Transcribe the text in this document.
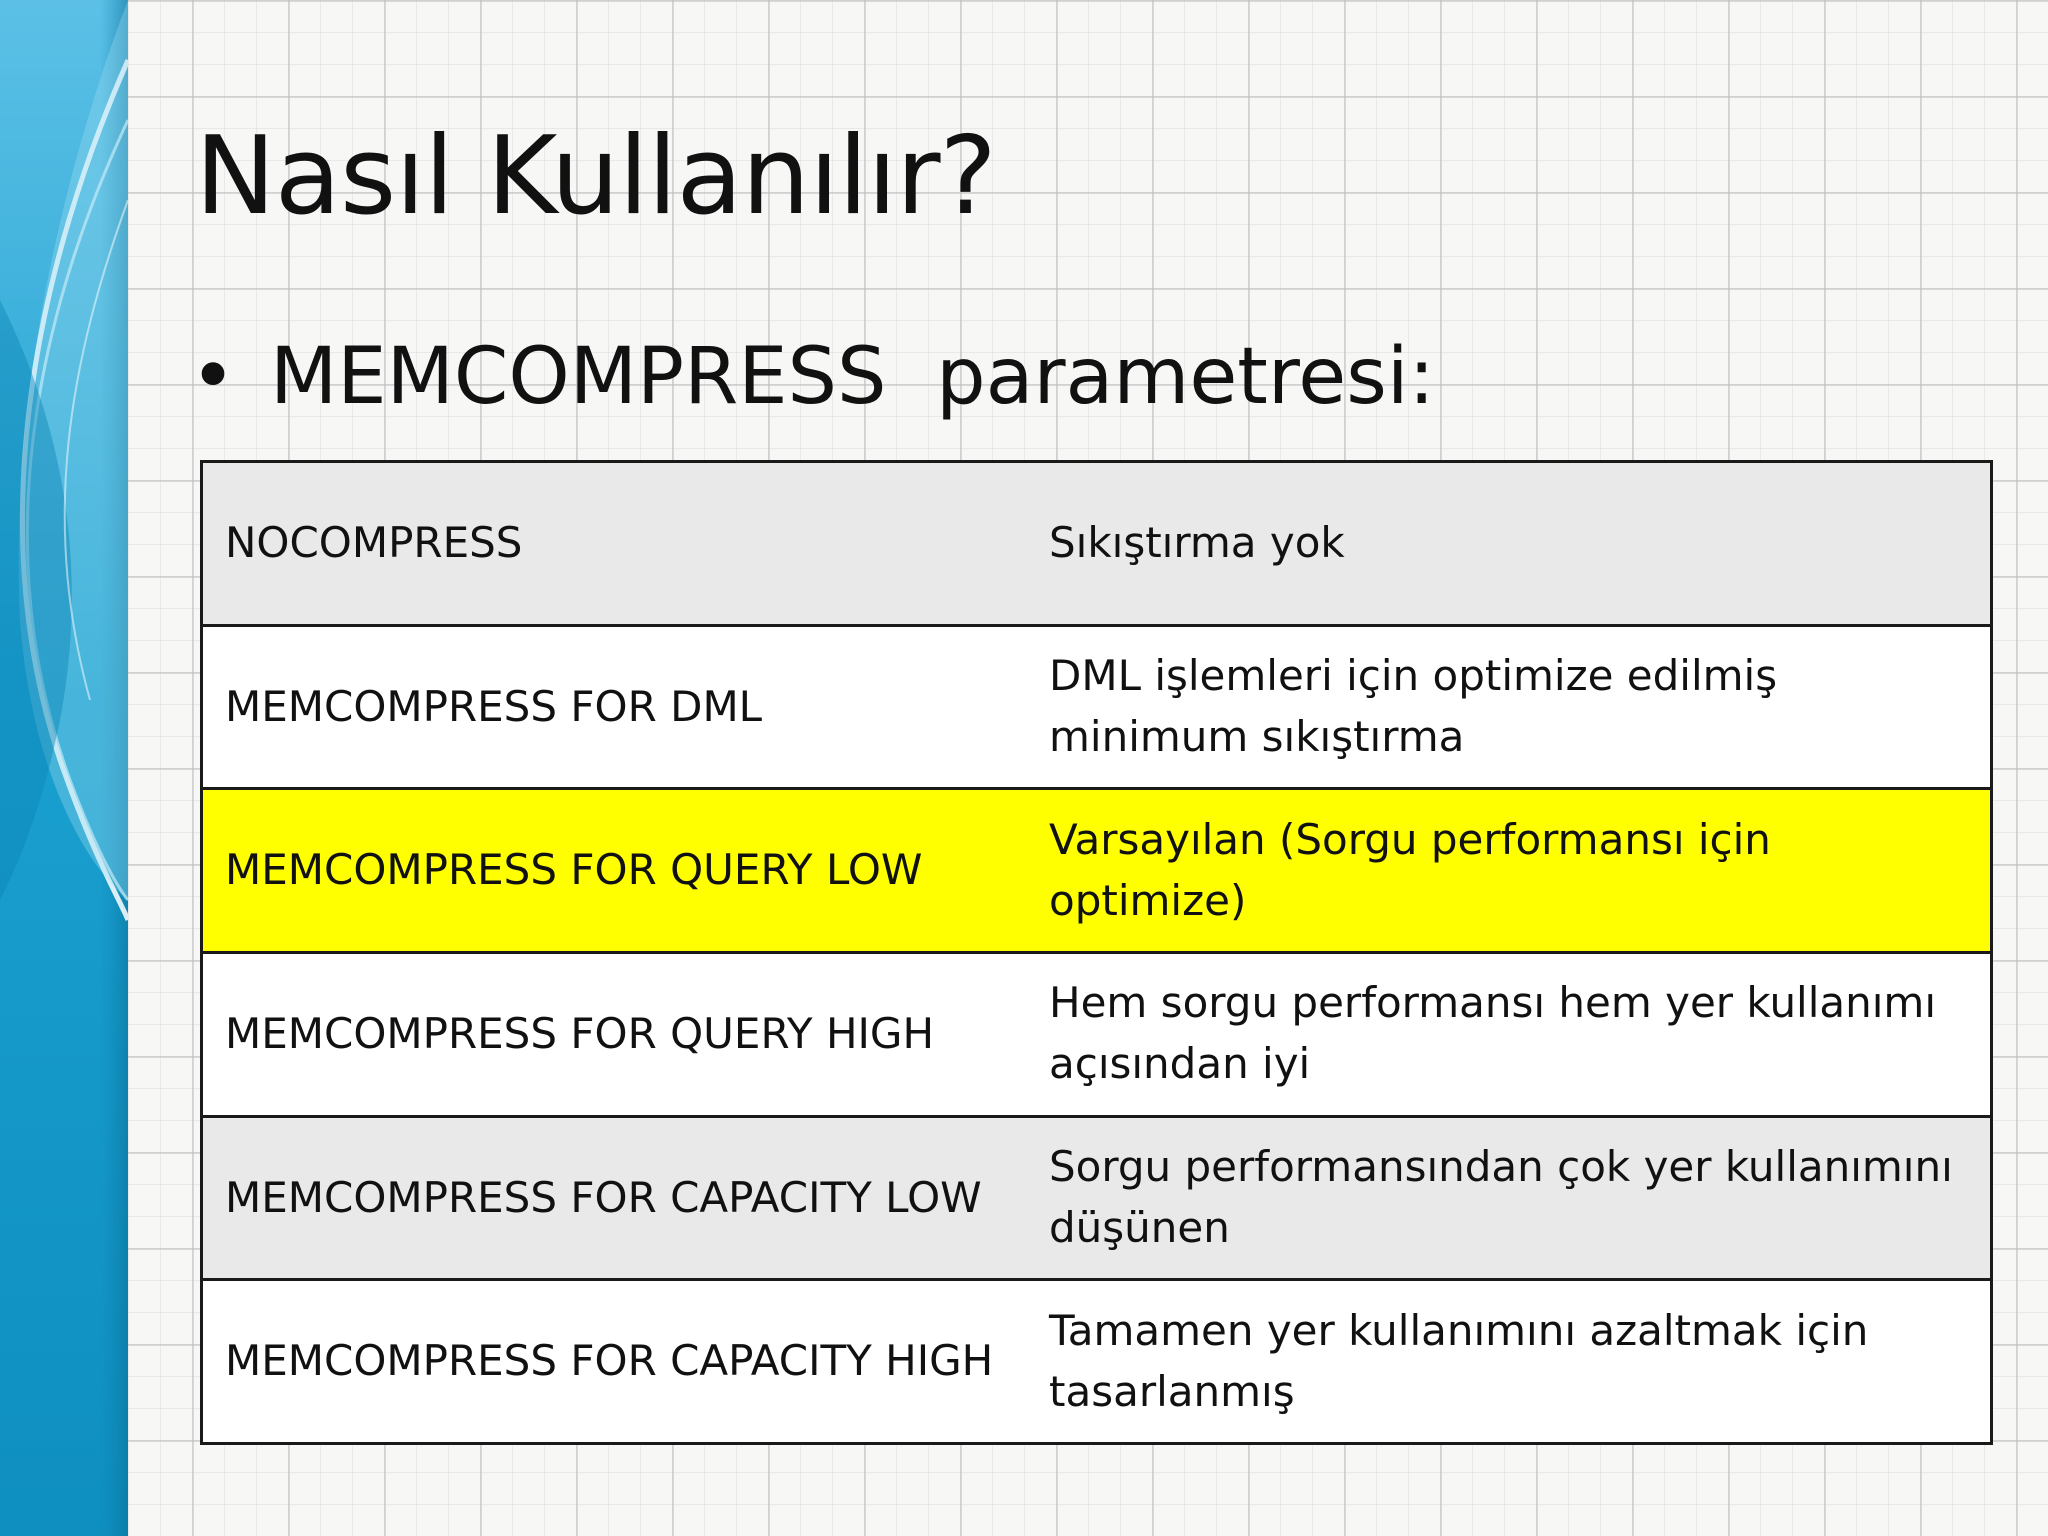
Nasıl Kullanılır?
• MEMCOMPRESS  parametresi:
NOCOMPRESS	Sıkıştırma yok
MEMCOMPRESS FOR DML	DML işlemleri için optimize edilmiş minimum sıkıştırma
MEMCOMPRESS FOR QUERY LOW	Varsayılan (Sorgu performansı için optimize)
MEMCOMPRESS FOR QUERY HIGH	Hem sorgu performansı hem yer kullanımı açısından iyi
MEMCOMPRESS FOR CAPACITY LOW	Sorgu performansından çok yer kullanımını düşünen
MEMCOMPRESS FOR CAPACITY HIGH	Tamamen yer kullanımını azaltmak için tasarlanmış
